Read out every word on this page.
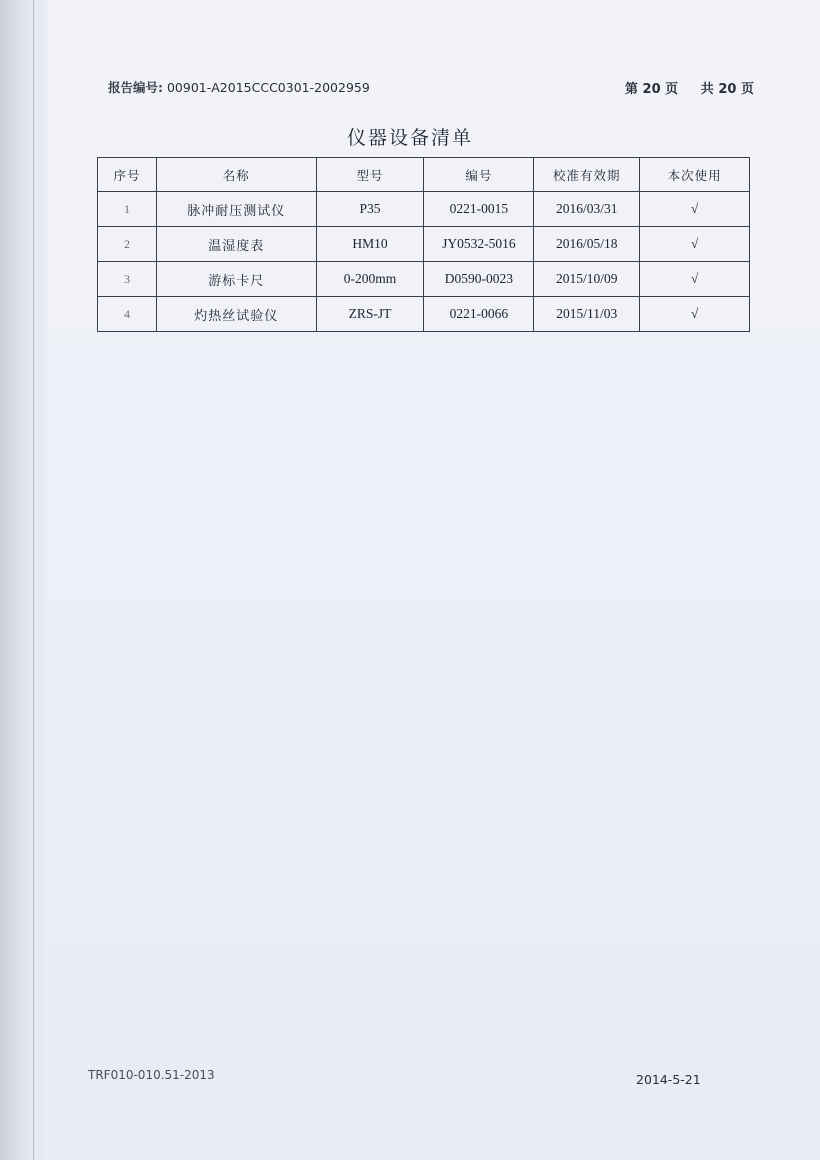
报告编号: 00901-A2015CCC0301-2002959	第 20 页 共 20 页
仪器设备清单
序号	名称	型号	编号	校准有效期	本次使用
1	脉冲耐压测试仪	P35	0221-0015	2016/03/31	√
2	温湿度表	HM10	JY0532-5016	2016/05/18	√
3	游标卡尺	0-200mm	D0590-0023	2015/10/09	√
4	灼热丝试验仪	ZRS-JT	0221-0066	2015/11/03	√
TRF010-010.51-2013	2014-5-21
